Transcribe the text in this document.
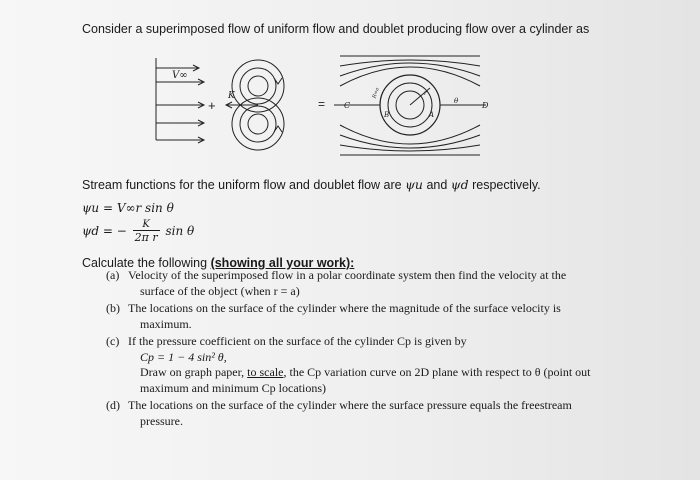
Consider a superimposed flow of uniform flow and doublet producing flow over a cylinder as
V∞
+
K
= C
B	A
D
r
θ
R=a
Stream functions for the uniform flow and doublet flow are ψu and ψd respectively.
ψu = V∞r sin θ
ψd = − $\frac{K}{\text{2π r}}$ sin θ
Calculate the following (showing all your work):
(a) Velocity of the superimposed flow in a polar coordinate system then find the velocity at the
surface of the object (when r = a)
(b) The locations on the surface of the cylinder where the magnitude of the surface velocity is
maximum.
(c) If the pressure coefficient on the surface of the cylinder Cp is given by
Cp = 1 − 4 sin² θ,
Draw on graph paper, to scale, the Cp variation curve on 2D plane with respect to θ (point out
maximum and minimum Cp locations)
(d) The locations on the surface of the cylinder where the surface pressure equals the freestream
pressure.
